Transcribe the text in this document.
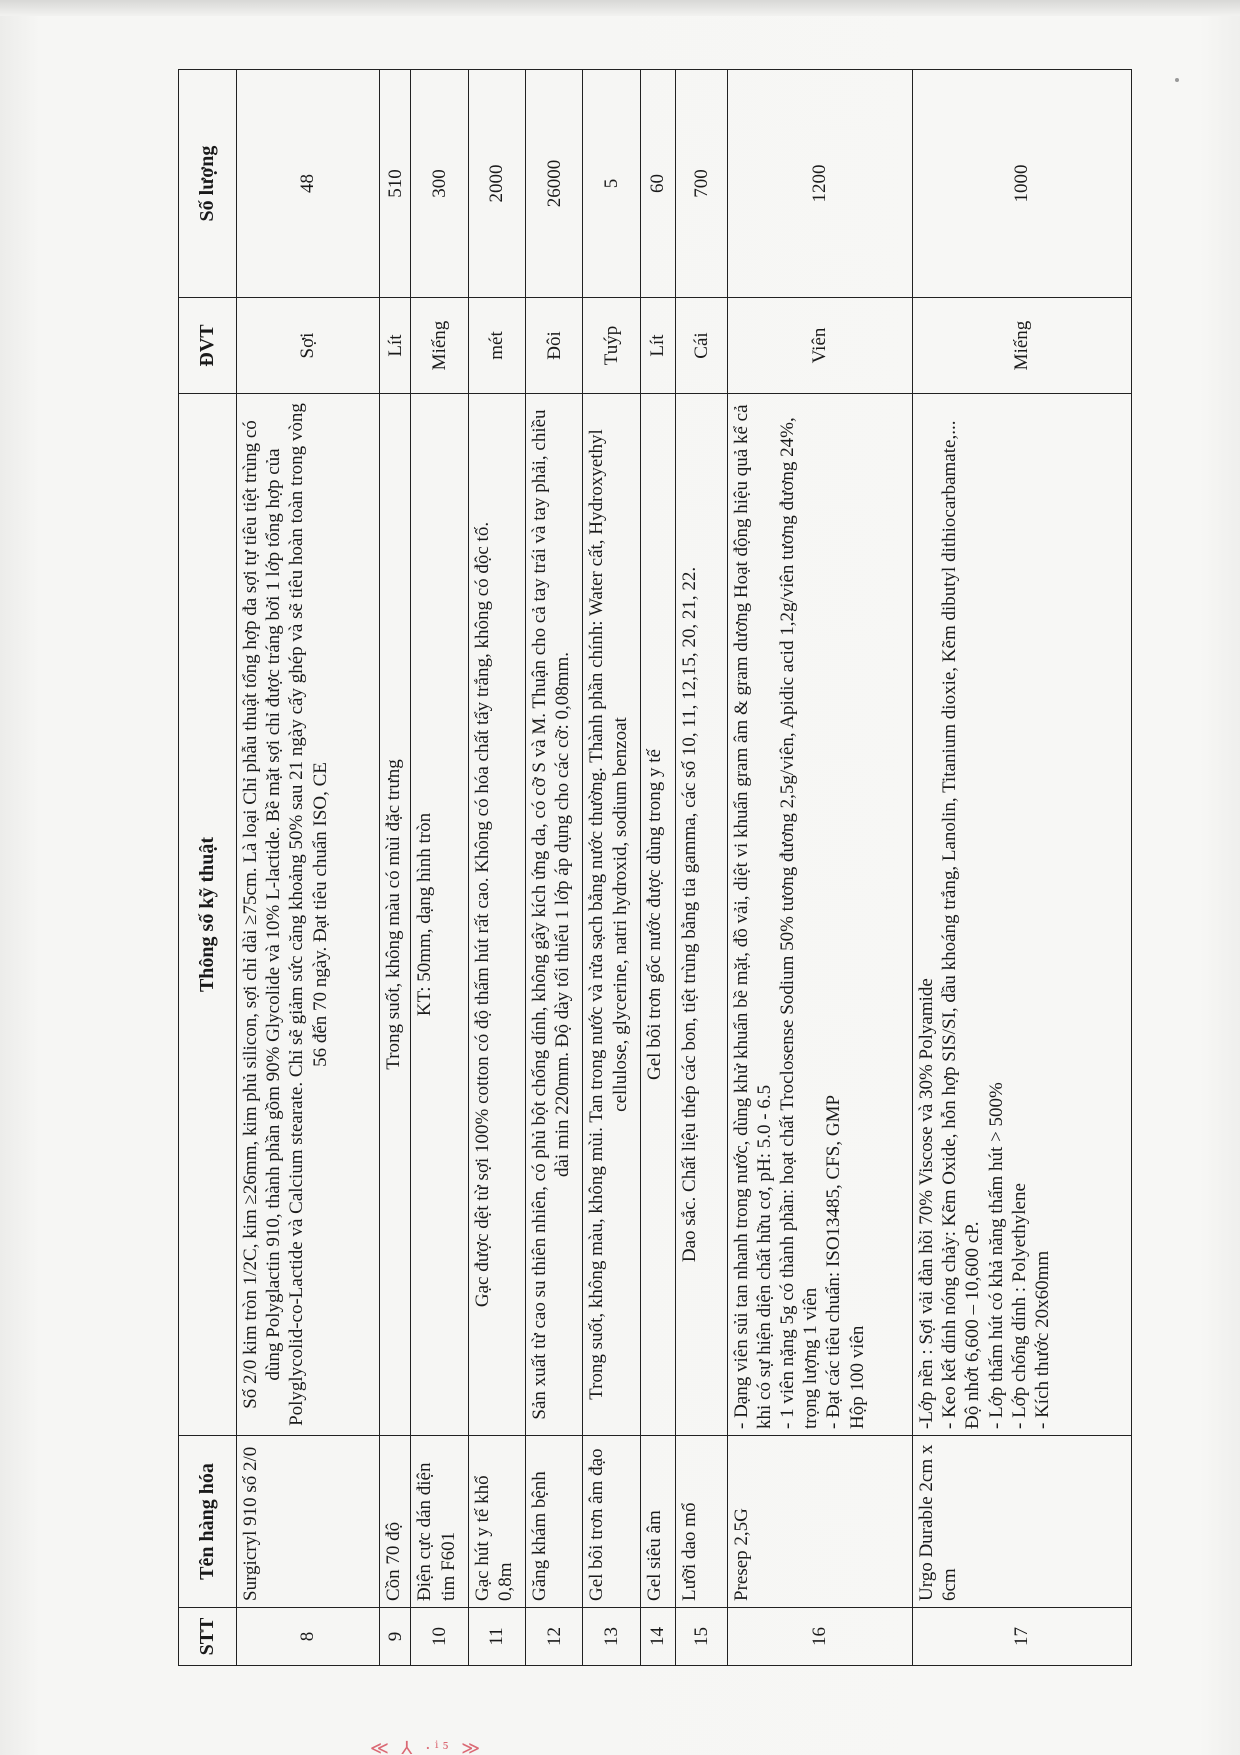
STT	Tên hàng hóa	Thông số kỹ thuật	ĐVT	Số lượng
8	Surgicryl 910 số 2/0	Số 2/0 kim tròn 1/2C, kim ≥26mm, kim phủ silicon, sợi chỉ dài ≥75cm. Là loại Chỉ phẫu thuật tổng hợp đa sợi tự tiêu tiệt trùng có dùng Polyglactin 910, thành phần gồm 90% Glycolide và 10% L-lactide. Bề mặt sợi chỉ được tráng bởi 1 lớp tổng hợp của Polyglycolid-co-Lactide và Calcium stearate. Chỉ sẽ giảm sức căng khoảng 50% sau 21 ngày cấy ghép và sẽ tiêu hoàn toàn trong vòng 56 đến 70 ngày. Đạt tiêu chuẩn ISO, CE	Sợi	48
9	Cồn 70 độ	Trong suốt, không màu có mùi đặc trưng	Lít	510
10	Điện cực dán điện tim F601	KT: 50mm, dạng hình tròn	Miếng	300
11	Gạc hút y tế khổ 0,8m	Gạc được dệt từ sợi 100% cotton có độ thấm hút rất cao. Không có hóa chất tẩy trắng, không có độc tố.	mét	2000
12	Găng khám bệnh	Sản xuất từ cao su thiên nhiên, có phủ bột chống dính, không gây kích ứng da, có cỡ S và M. Thuận cho cả tay trái và tay phải, chiều dài min 220mm. Độ dày tối thiểu 1 lớp áp dụng cho các cỡ: 0,08mm.	Đôi	26000
13	Gel bôi trơn âm đạo	Trong suốt, không màu, không mùi. Tan trong nước và rửa sạch bằng nước thường. Thành phần chính: Water cất, Hydroxyethyl cellulose, glycerine, natri hydroxid, sodium benzoat	Tuýp	5
14	Gel siêu âm	Gel bôi trơn gốc nước được dùng trong y tế	Lít	60
15	Lưỡi dao mổ	Dao sắc. Chất liệu thép các bon, tiệt trùng bằng tia gamma, các số 10, 11, 12,15, 20, 21, 22.	Cái	700
16	Presep 2,5G	- Dạng viên sủi tan nhanh trong nước, dùng khử khuẩn bề mặt, đồ vải, diệt vi khuẩn gram âm & gram dương Hoạt động hiệu quả kể cả khi có sự hiện diện chất hữu cơ, pH: 5.0 - 6.5 - 1 viên nặng 5g có thành phần: hoạt chất Troclosense Sodium 50% tương đương 2,5g/viên, Apidic acid 1,2g/viên tương đương 24%, trọng lượng 1 viên - Đạt các tiêu chuẩn: ISO13485, CFS, GMP Hộp 100 viên	Viên	1200
17	Urgo Durable 2cm x 6cm	-Lớp nền : Sợi vải đàn hồi 70% Viscose và 30% Polyamide - Keo kết dính nóng chảy: Kẽm Oxide, hỗn hợp SIS/SI, dầu khoáng trắng, Lanolin, Titanium dioxie, Kẽm dibutyl dithiocarbamate,... Độ nhớt 6,600 – 10,600 cP. - Lớp thấm hút có khả năng thấm hút > 500% - Lớp chống dính : Polyethylene - Kích thước 20x60mm	Miếng	1000
≪ ⅄ ·ⁱ⁵ ≫
